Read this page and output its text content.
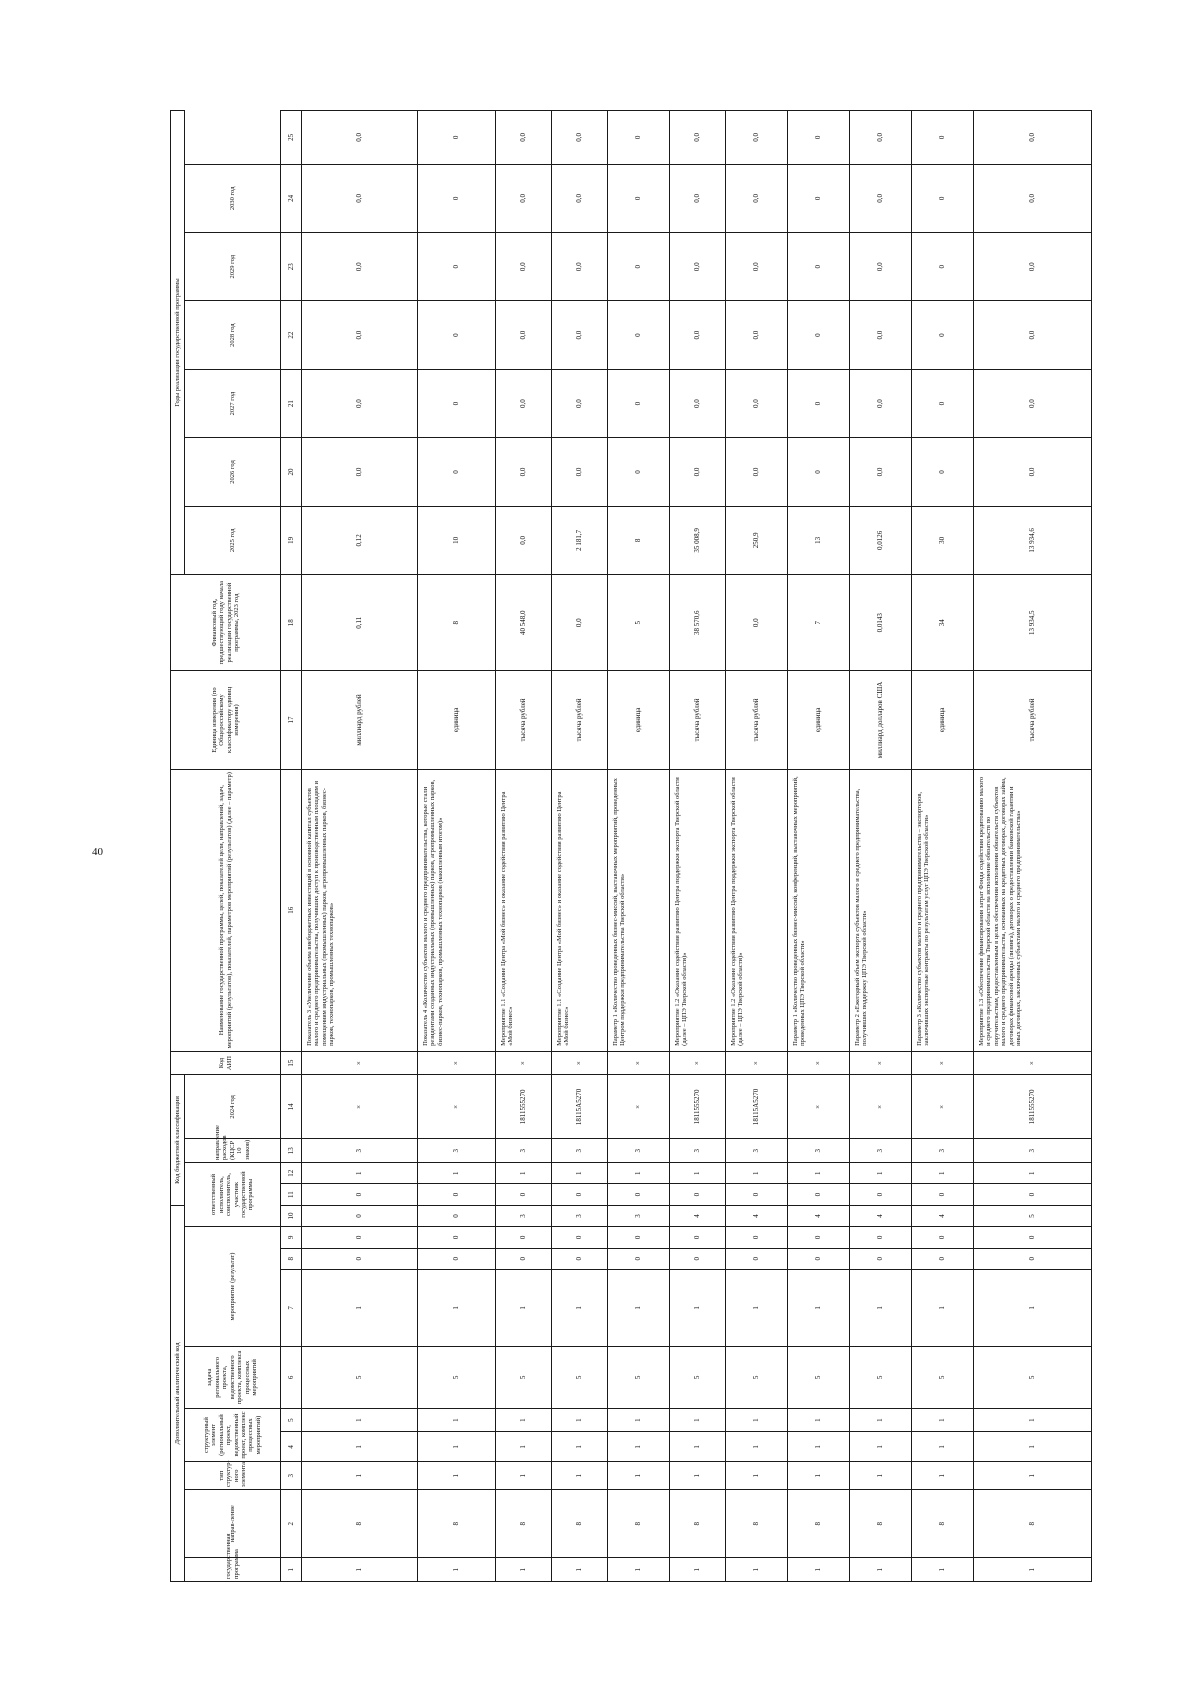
40
Дополнительный аналитический код										Код бюджетной классификации				Код АИП	Наименование государственной программы, целей, показателей цели, направлений, задач, мероприятий (результатов), показателей, параметров мероприятий (результатов) (далее – параметр)	Единица измерения (по Общероссийскому классификатору единиц измерения)	Финансовый год, предшествующий году начала реализации государственной программы, 2023 год	Годы реализации государственной программы						
государственная программа	направ-ление	тип структур-ного элемента	структурный элемент (региональный проект, ведомственный проект, комплекс процессных мероприятий)		задача регионального проекта, ведомственного проекта, комплекса процессных мероприятий	мероприятие (результат)			ответственный исполнитель, соисполнитель, участник государственной программы			направление расходов (КЦСР 10 знаков)	2024 год					2025 год	2026 год	2027 год	2028 год	2029 год	2030 год	

1	2	3	4	5	6	7	8	9	10	11	12	13	14	15	16	17	18	19	20	21	22	23	24	25
1	8	1	1	1	5	1	0	0	0	0	1	3	×	×	Показатель 3 «Увеличение объема внебюджетных инвестиций в основной капитал субъектов малого и среднего предпринимательства, получивших доступ к производственным площадям и помещениям индустриальных (промышленных) парков, агропромышленных парков, бизнес-парков, технопарков, промышленных технопарков»	миллиард рублей	0,11	0,12	0,0	0,0	0,0	0,0	0,0	0,0
1	8	1	1	1	5	1	0	0	0	0	1	3	×	×	Показатель 4 «Количество субъектов малого и среднего предпринимательства, которые стали резидентами созданных индустриальных (промышленных) парков, агропромышленных парков, бизнес-парков, технопарков, промышленных технопарков (накопленным итогом)»	единица	8	10	0	0	0	0	0	0
1	8	1	1	1	5	1	0	0	3	0	1	3	1811555270	×	Мероприятие 1.1 «Создание Центра «Мой бизнес» и оказание содействия развитию Центра «Мой бизнес»	тысяча рублей	40 548,0	0,0	0,0	0,0	0,0	0,0	0,0	0,0
1	8	1	1	1	5	1	0	0	3	0	1	3	18115А5270	×	Мероприятие 1.1 «Создание Центра «Мой бизнес» и оказание содействия развитию Центра «Мой бизнес»	тысяча рублей	0,0	2 181,7	0,0	0,0	0,0	0,0	0,0	0,0
1	8	1	1	1	5	1	0	0	3	0	1	3	×	×	Параметр 1 «Количество проведенных бизнес-миссий, выставочных мероприятий, проведенных Центром поддержки предпринимательства Тверской области»	единица	5	8	0	0	0	0	0	0
1	8	1	1	1	5	1	0	0	4	0	1	3	1811555270	×	Мероприятие 1.2 «Оказание содействия развитию Центра поддержки экспорта Тверской области (далее – ЦПЭ Тверской области)»	тысяча рублей	38 570,6	35 008,9	0,0	0,0	0,0	0,0	0,0	0,0
1	8	1	1	1	5	1	0	0	4	0	1	3	18115А5270	×	Мероприятие 1.2 «Оказание содействия развитию Центра поддержки экспорта Тверской области (далее – ЦПЭ Тверской области)»	тысяча рублей	0,0	250,9	0,0	0,0	0,0	0,0	0,0	0,0
1	8	1	1	1	5	1	0	0	4	0	1	3	×	×	Параметр 1 «Количество проведенных бизнес-миссий, конференций, выставочных мероприятий, проведенных ЦПЭ Тверской области»	единица	7	13	0	0	0	0	0	0
1	8	1	1	1	5	1	0	0	4	0	1	3	×	×	Параметр 2 «Ежегодный объем экспорта субъектов малого и среднего предпринимательства, получивших поддержку ЦПЭ Тверской области»	миллиард долларов США	0,0143	0,0126	0,0	0,0	0,0	0,0	0,0	0,0
1	8	1	1	1	5	1	0	0	4	0	1	3	×	×	Параметр 3 «Количество субъектов малого и среднего предпринимательства – экспортеров, заключивших экспортные контракты по результатам услуг ЦПЭ Тверской области»	единица	34	30	0	0	0	0	0	0
1	8	1	1	1	5	1	0	0	5	0	1	3	1811555270	×	Мероприятие 1.3 «Обеспечение финансирования затрат Фонда содействия кредитованию малого и среднего предпринимательства Тверской области на исполнение обязательств по поручительствам, предоставленным в целях обеспечения исполнения обязательств субъектов малого и среднего предпринимательства, основанных на кредитных договорах, договорах займа, договорах финансовой аренды (лизинга), договорах о предоставлении банковской гарантии и иных договорах, заключенных субъектами малого и среднего предпринимательства»	тысяча рублей	13 934,5	13 934,6	0,0	0,0	0,0	0,0	0,0	0,0
